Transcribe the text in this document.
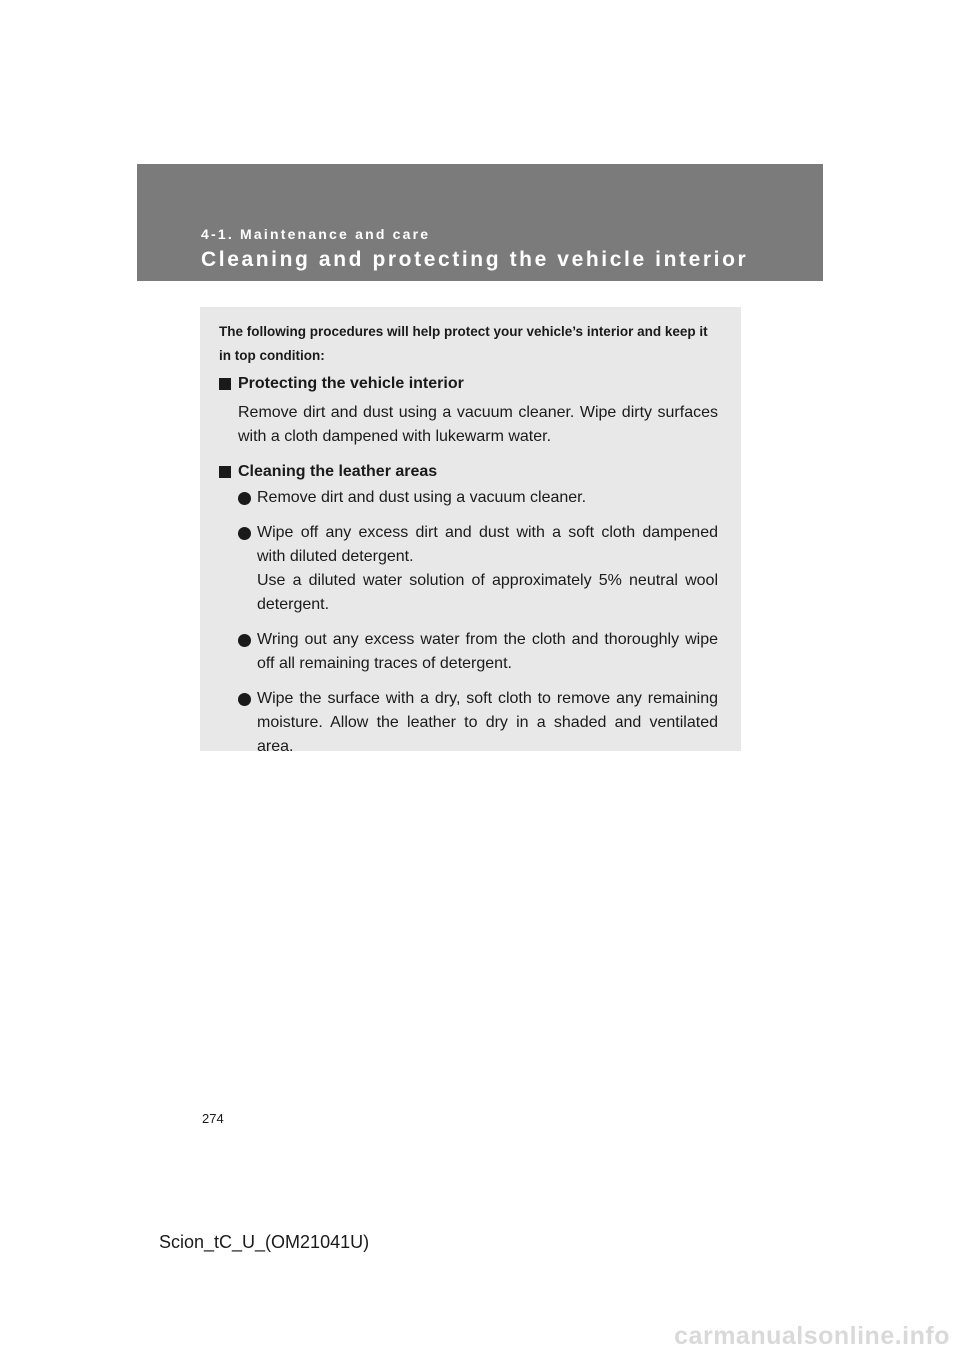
4-1. Maintenance and care
Cleaning and protecting the vehicle interior

The following procedures will help protect your vehicle’s interior and keep it in top condition:

Protecting the vehicle interior

Remove dirt and dust using a vacuum cleaner. Wipe dirty surfaces with a cloth dampened with lukewarm water.

Cleaning the leather areas

Remove dirt and dust using a vacuum cleaner.

Wipe off any excess dirt and dust with a soft cloth dampened with diluted detergent.

Use a diluted water solution of approximately 5% neutral wool detergent.

Wring out any excess water from the cloth and thoroughly wipe off all remaining traces of detergent.

Wipe the surface with a dry, soft cloth to remove any remaining moisture. Allow the leather to dry in a shaded and ventilated area.

274
Scion_tC_U_(OM21041U)
carmanualsonline.info
